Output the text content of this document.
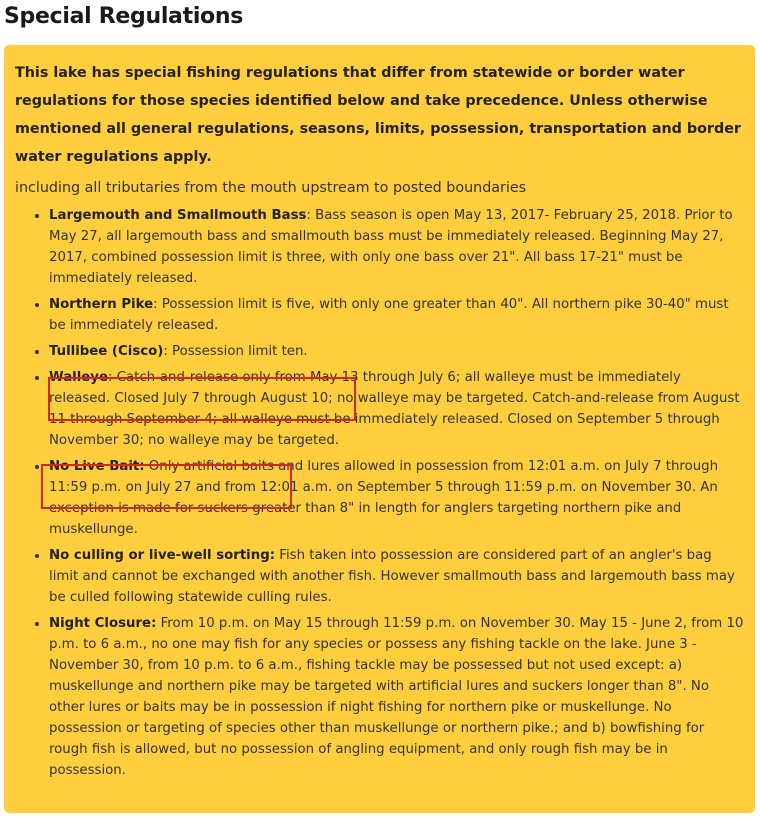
Special Regulations

This lake has special fishing regulations that differ from statewide or border water regulations for those species identified below and take precedence. Unless otherwise mentioned all general regulations, seasons, limits, possession, transportation and border water regulations apply.

including all tributaries from the mouth upstream to posted boundaries

• Largemouth and Smallmouth Bass: Bass season is open May 13, 2017- February 25, 2018. Prior to May 27, all largemouth bass and smallmouth bass must be immediately released. Beginning May 27, 2017, combined possession limit is three, with only one bass over 21". All bass 17-21" must be immediately released.
• Northern Pike: Possession limit is five, with only one greater than 40". All northern pike 30-40" must be immediately released.
• Tullibee (Cisco): Possession limit ten.
• Walleye: Catch-and-release only from May 13 through July 6; all walleye must be immediately released. Closed July 7 through August 10; no walleye may be targeted. Catch-and-release from August 11 through September 4; all walleye must be immediately released. Closed on September 5 through November 30; no walleye may be targeted.
• No Live Bait: Only artificial baits and lures allowed in possession from 12:01 a.m. on July 7 through 11:59 p.m. on July 27 and from 12:01 a.m. on September 5 through 11:59 p.m. on November 30. An exception is made for suckers greater than 8" in length for anglers targeting northern pike and muskellunge.
• No culling or live-well sorting: Fish taken into possession are considered part of an angler's bag limit and cannot be exchanged with another fish. However smallmouth bass and largemouth bass may be culled following statewide culling rules.
• Night Closure: From 10 p.m. on May 15 through 11:59 p.m. on November 30. May 15 - June 2, from 10 p.m. to 6 a.m., no one may fish for any species or possess any fishing tackle on the lake. June 3 - November 30, from 10 p.m. to 6 a.m., fishing tackle may be possessed but not used except: a) muskellunge and northern pike may be targeted with artificial lures and suckers longer than 8". No other lures or baits may be in possession if night fishing for northern pike or muskellunge. No possession or targeting of species other than muskellunge or northern pike.; and b) bowfishing for rough fish is allowed, but no possession of angling equipment, and only rough fish may be in possession.
